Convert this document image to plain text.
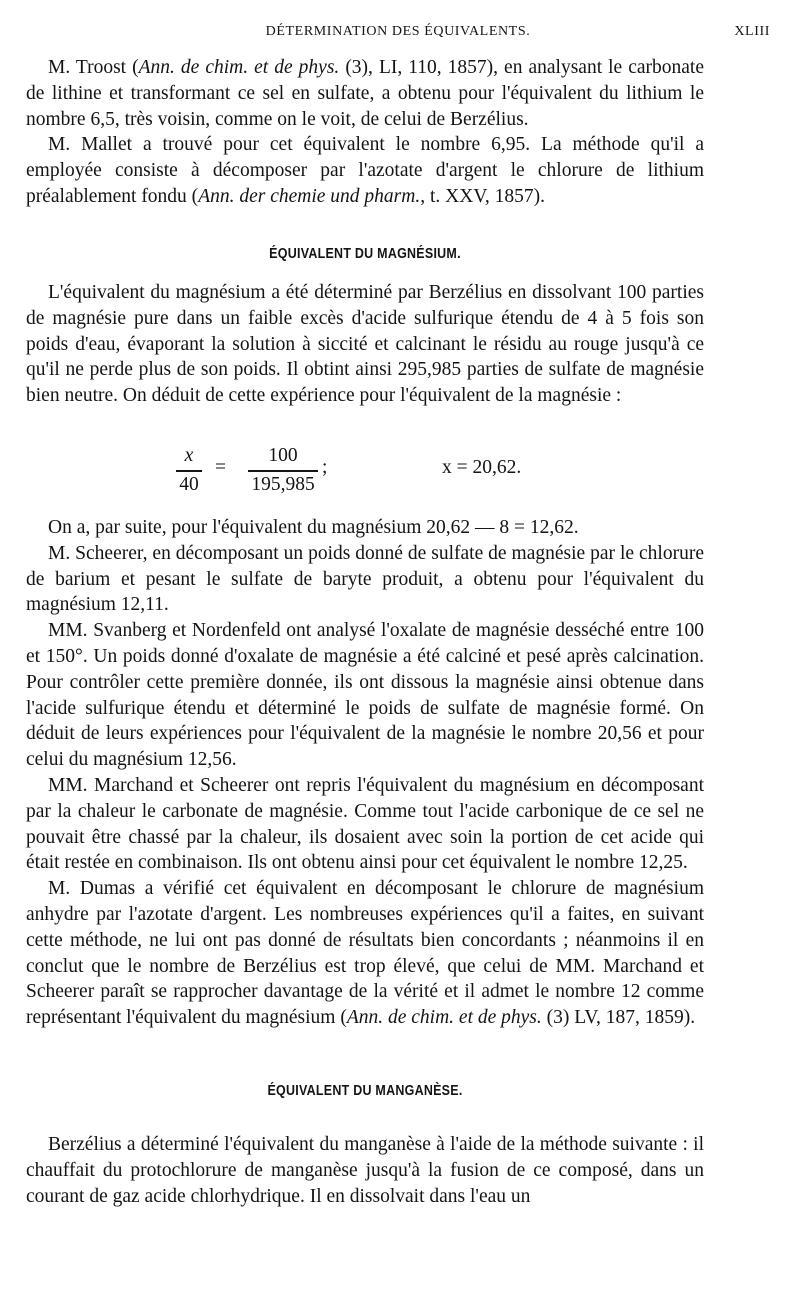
DÉTERMINATION DES ÉQUIVALENTS.	XLIII

M. Troost (Ann. de chim. et de phys. (3), LI, 110, 1857), en analysant le carbonate de lithine et transformant ce sel en sulfate, a obtenu pour l'équivalent du lithium le nombre 6,5, très voisin, comme on le voit, de celui de Berzélius.

M. Mallet a trouvé pour cet équivalent le nombre 6,95. La méthode qu'il a employée consiste à décomposer par l'azotate d'argent le chlorure de lithium préalablement fondu (Ann. der chemie und pharm., t. XXV, 1857).

ÉQUIVALENT DU MAGNÉSIUM.

L'équivalent du magnésium a été déterminé par Berzélius en dissolvant 100 parties de magnésie pure dans un faible excès d'acide sulfurique étendu de 4 à 5 fois son poids d'eau, évaporant la solution à siccité et calcinant le résidu au rouge jusqu'à ce qu'il ne perde plus de son poids. Il obtint ainsi 295,985 parties de sulfate de magnésie bien neutre. On déduit de cette expérience pour l'équivalent de la magnésie :

x
40
=
100
195,985
;	x = 20,62.

On a, par suite, pour l'équivalent du magnésium 20,62 — 8 = 12,62.

M. Scheerer, en décomposant un poids donné de sulfate de magnésie par le chlorure de barium et pesant le sulfate de baryte produit, a obtenu pour l'équivalent du magnésium 12,11.

MM. Svanberg et Nordenfeld ont analysé l'oxalate de magnésie desséché entre 100 et 150°. Un poids donné d'oxalate de magnésie a été calciné et pesé après calcination. Pour contrôler cette première donnée, ils ont dissous la magnésie ainsi obtenue dans l'acide sulfurique étendu et déterminé le poids de sulfate de magnésie formé. On déduit de leurs expériences pour l'équivalent de la magnésie le nombre 20,56 et pour celui du magnésium 12,56.

MM. Marchand et Scheerer ont repris l'équivalent du magnésium en décomposant par la chaleur le carbonate de magnésie. Comme tout l'acide carbonique de ce sel ne pouvait être chassé par la chaleur, ils dosaient avec soin la portion de cet acide qui était restée en combinaison. Ils ont obtenu ainsi pour cet équivalent le nombre 12,25.

M. Dumas a vérifié cet équivalent en décomposant le chlorure de magnésium anhydre par l'azotate d'argent. Les nombreuses expériences qu'il a faites, en suivant cette méthode, ne lui ont pas donné de résultats bien concordants ; néanmoins il en conclut que le nombre de Berzélius est trop élevé, que celui de MM. Marchand et Scheerer paraît se rapprocher davantage de la vérité et il admet le nombre 12 comme représentant l'équivalent du magnésium (Ann. de chim. et de phys. (3) LV, 187, 1859).

ÉQUIVALENT DU MANGANÈSE.

Berzélius a déterminé l'équivalent du manganèse à l'aide de la méthode suivante : il chauffait du protochlorure de manganèse jusqu'à la fusion de ce composé, dans un courant de gaz acide chlorhydrique. Il en dissolvait dans l'eau un
